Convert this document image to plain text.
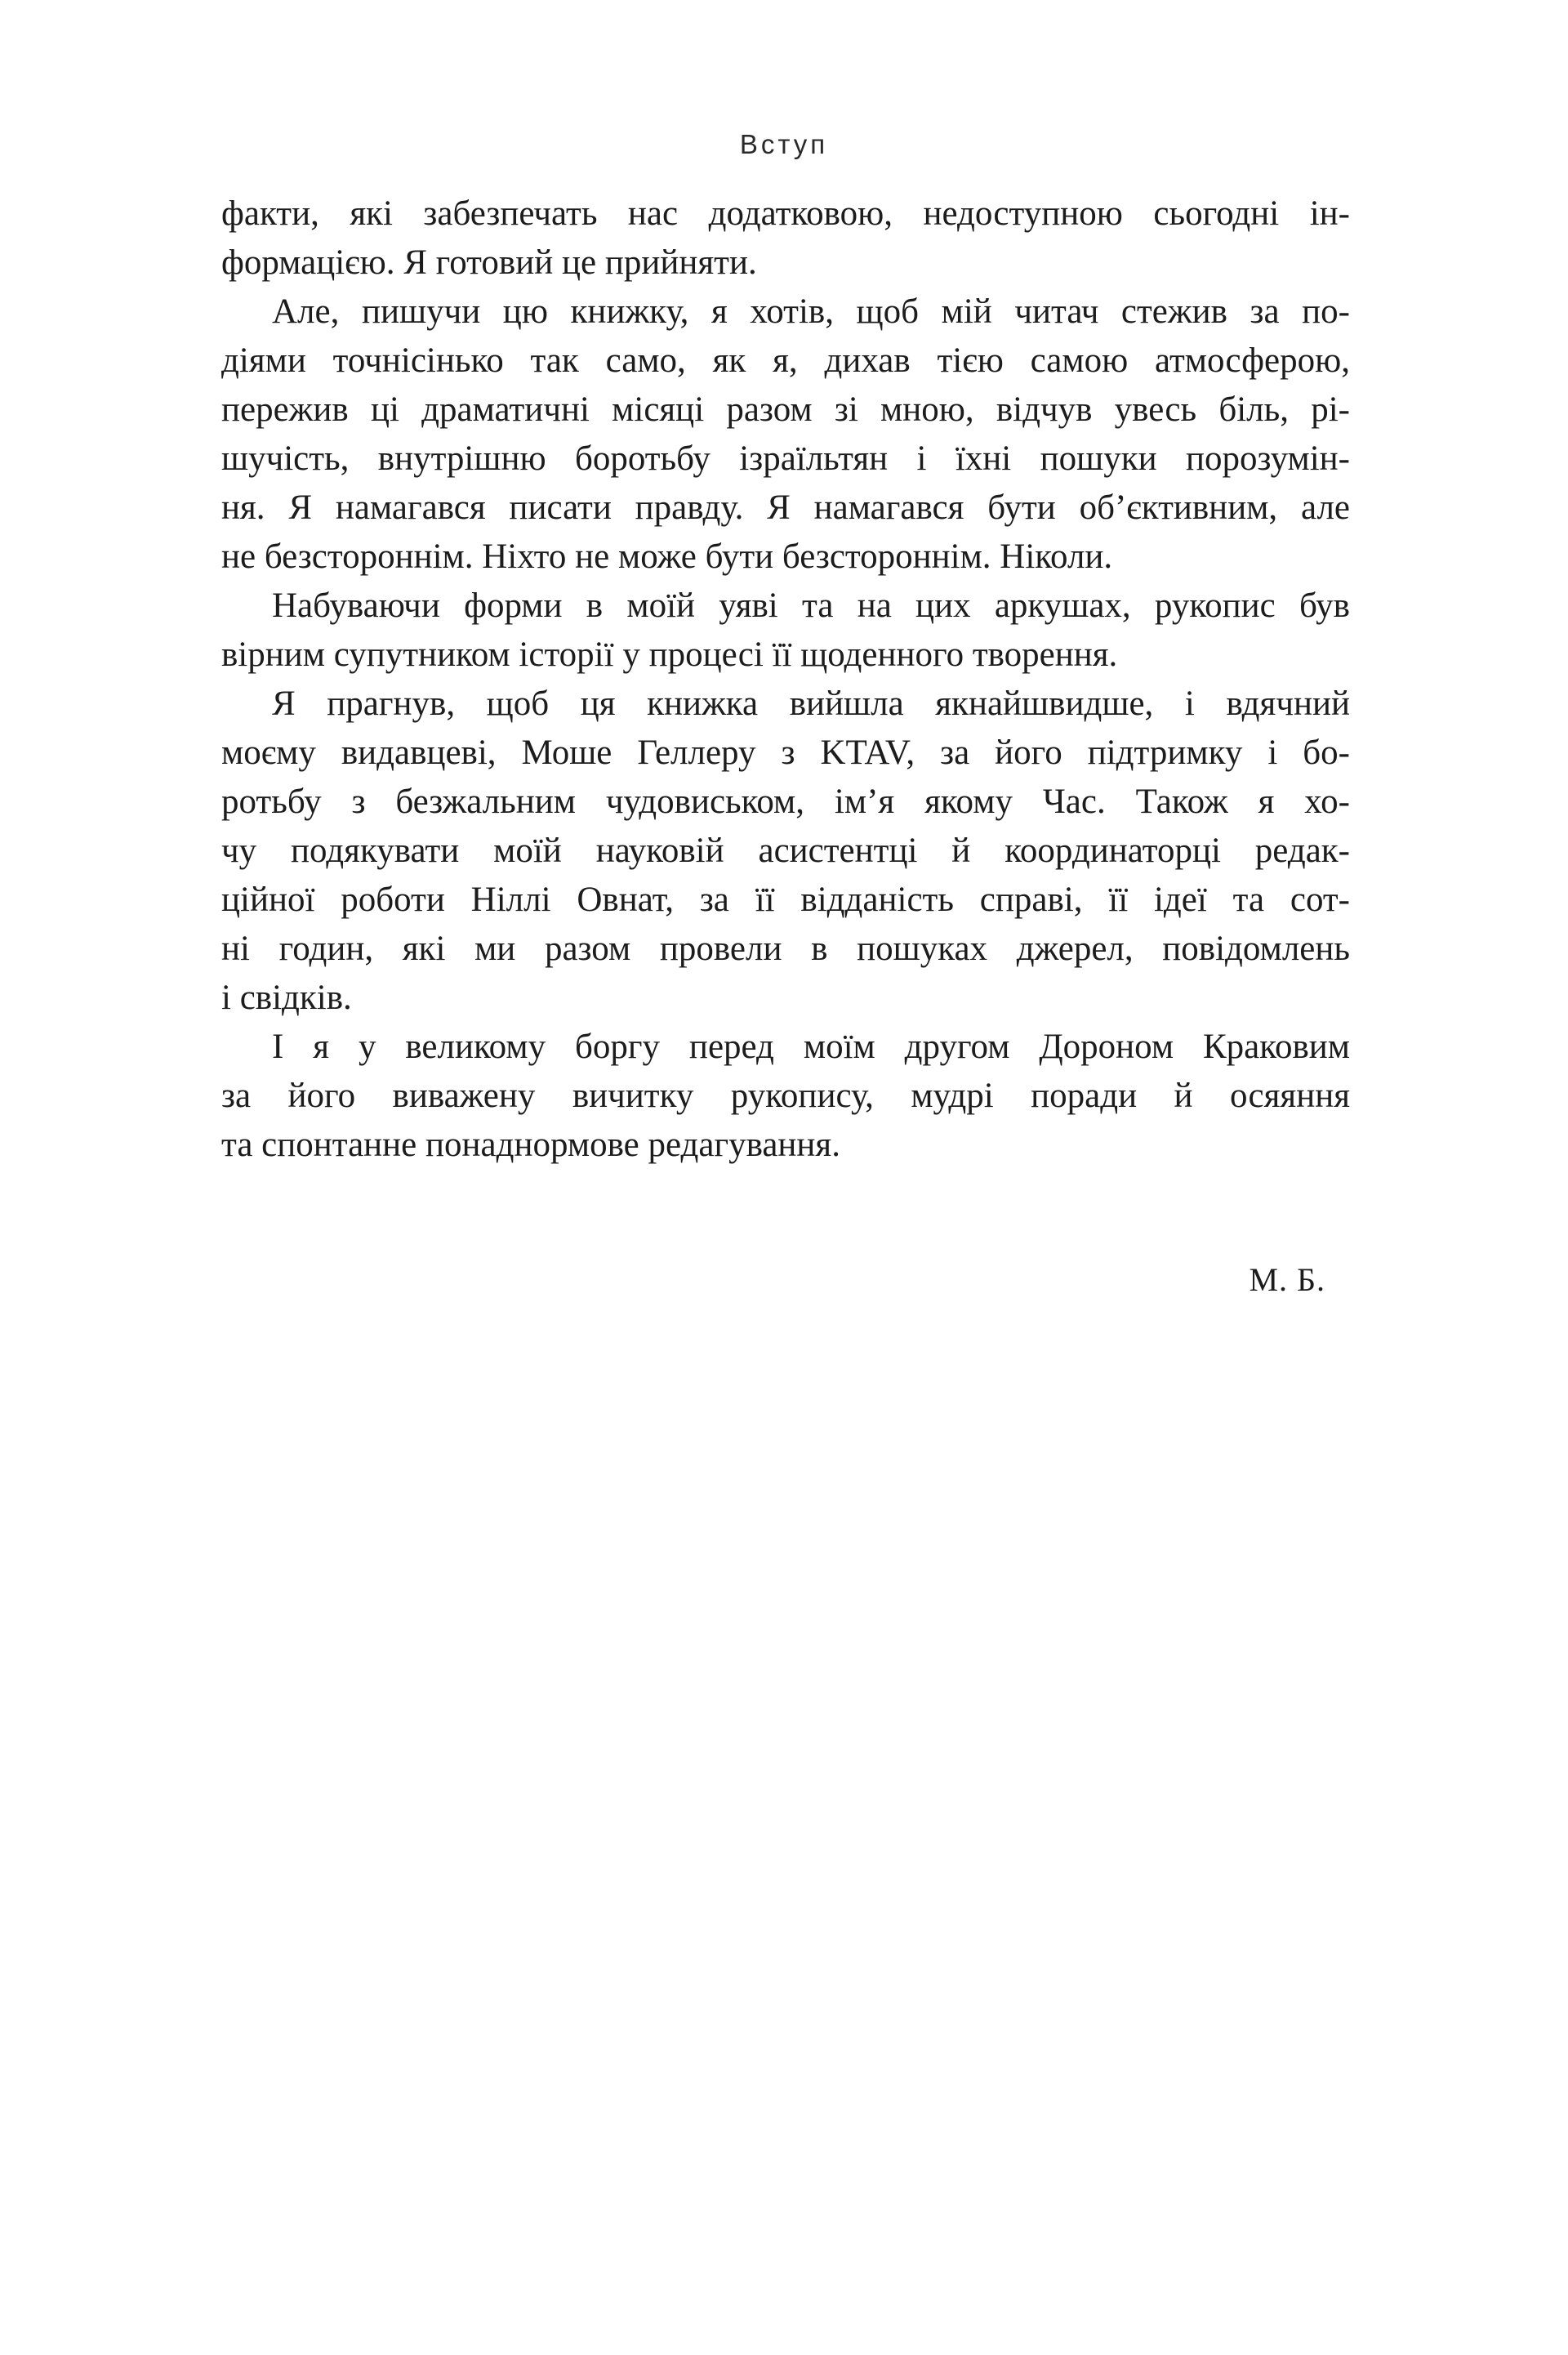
Вступ
факти, які забезпечать нас додатковою, недоступною сьогодні ін-
формацією. Я готовий це прийняти.
Але, пишучи цю книжку, я хотів, щоб мій читач стежив за по-
діями точнісінько так само, як я, дихав тією самою атмосферою,
пережив ці драматичні місяці разом зі мною, відчув увесь біль, рі-
шучість, внутрішню боротьбу ізраїльтян і їхні пошуки порозумін-
ня. Я намагався писати правду. Я намагався бути об’єктивним, але
не безстороннім. Ніхто не може бути безстороннім. Ніколи.
Набуваючи форми в моїй уяві та на цих аркушах, рукопис був
вірним супутником історії у процесі її щоденного творення.
Я прагнув, щоб ця книжка вийшла якнайшвидше, і вдячний
моєму видавцеві, Моше Геллеру з KTAV, за його підтримку і бо-
ротьбу з безжальним чудовиськом, ім’я якому Час. Також я хо-
чу подякувати моїй науковій асистентці й координаторці редак-
ційної роботи Ніллі Овнат, за її відданість справі, її ідеї та сот-
ні годин, які ми разом провели в пошуках джерел, повідомлень
і свідків.
І я у великому боргу перед моїм другом Дороном Краковим
за його виважену вичитку рукопису, мудрі поради й осяяння
та спонтанне понаднормове редагування.
М. Б.
